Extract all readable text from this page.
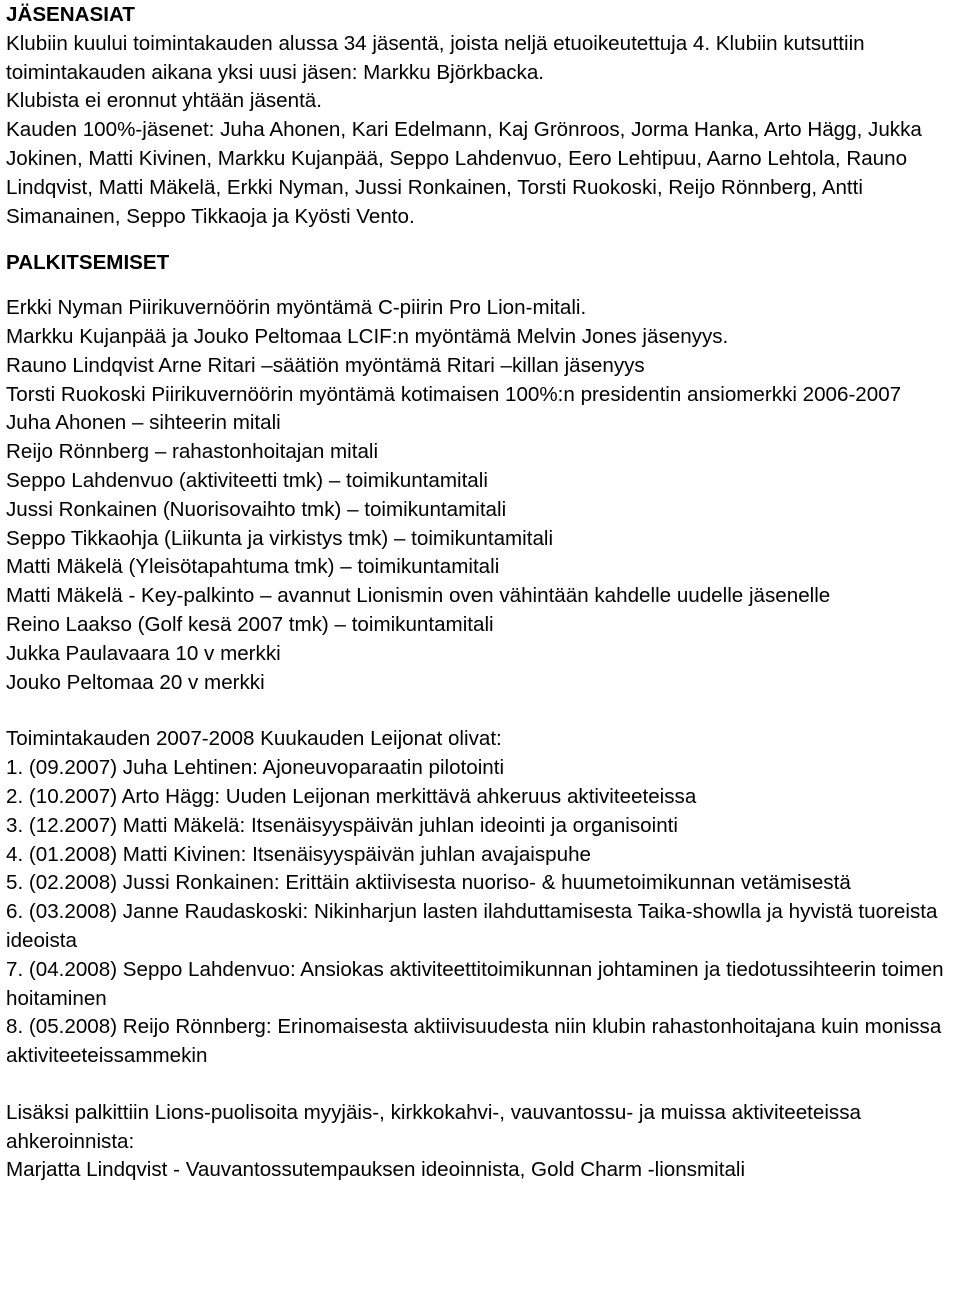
JÄSENASIAT

Klubiin kuului toimintakauden alussa 34 jäsentä, joista neljä etuoikeutettuja 4. Klubiin kutsuttiin toimintakauden aikana yksi uusi jäsen: Markku Björkbacka.

Klubista ei eronnut yhtään jäsentä.

Kauden 100%-jäsenet: Juha Ahonen, Kari Edelmann, Kaj Grönroos, Jorma Hanka, Arto Hägg, Jukka Jokinen, Matti Kivinen, Markku Kujanpää, Seppo Lahdenvuo, Eero Lehtipuu, Aarno Lehtola, Rauno Lindqvist, Matti Mäkelä, Erkki Nyman, Jussi Ronkainen, Torsti Ruokoski, Reijo Rönnberg, Antti Simanainen, Seppo Tikkaoja ja Kyösti Vento.

PALKITSEMISET

Erkki Nyman Piirikuvernöörin myöntämä C-piirin Pro Lion-mitali.

Markku Kujanpää ja Jouko Peltomaa LCIF:n myöntämä Melvin Jones jäsenyys.

Rauno Lindqvist Arne Ritari –säätiön myöntämä Ritari –killan jäsenyys

Torsti Ruokoski Piirikuvernöörin myöntämä kotimaisen 100%:n presidentin ansiomerkki 2006-2007

Juha Ahonen – sihteerin mitali

Reijo Rönnberg – rahastonhoitajan mitali

Seppo Lahdenvuo (aktiviteetti tmk) – toimikuntamitali

Jussi Ronkainen (Nuorisovaihto tmk) – toimikuntamitali

Seppo Tikkaohja (Liikunta ja virkistys tmk) – toimikuntamitali

Matti Mäkelä (Yleisötapahtuma tmk) – toimikuntamitali

Matti Mäkelä - Key-palkinto – avannut Lionismin oven vähintään kahdelle uudelle jäsenelle

Reino Laakso (Golf kesä 2007 tmk) – toimikuntamitali

Jukka Paulavaara 10 v merkki

Jouko Peltomaa 20 v merkki

Toimintakauden 2007-2008 Kuukauden Leijonat olivat:

1. (09.2007) Juha Lehtinen: Ajoneuvoparaatin pilotointi
2. (10.2007) Arto Hägg: Uuden Leijonan merkittävä ahkeruus aktiviteeteissa
3. (12.2007) Matti Mäkelä: Itsenäisyyspäivän juhlan ideointi ja organisointi
4. (01.2008) Matti Kivinen: Itsenäisyyspäivän juhlan avajaispuhe
5. (02.2008) Jussi Ronkainen: Erittäin aktiivisesta nuoriso- & huumetoimikunnan vetämisestä
6. (03.2008) Janne Raudaskoski: Nikinharjun lasten ilahduttamisesta Taika-showlla ja hyvistä tuoreista ideoista
7. (04.2008) Seppo Lahdenvuo: Ansiokas aktiviteettitoimikunnan johtaminen ja tiedotussihteerin toimen hoitaminen
8. (05.2008) Reijo Rönnberg: Erinomaisesta aktiivisuudesta niin klubin rahastonhoitajana kuin monissa aktiviteeteissammekin

Lisäksi palkittiin Lions-puolisoita myyjäis-, kirkkokahvi-, vauvantossu- ja muissa aktiviteeteissa ahkeroinnista:

Marjatta Lindqvist - Vauvantossutempauksen ideoinnista, Gold Charm -lionsmitali
